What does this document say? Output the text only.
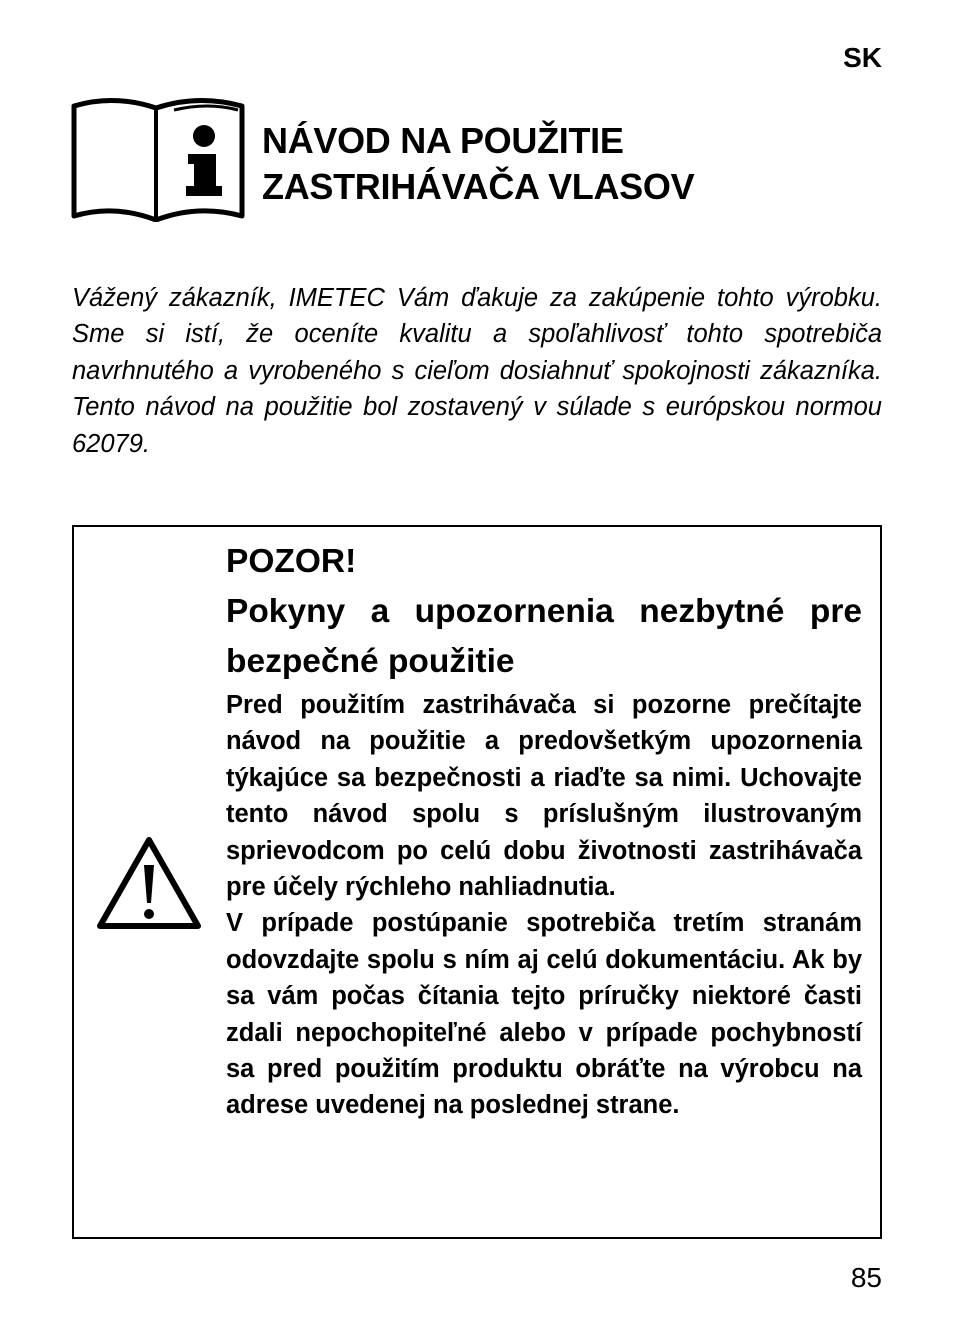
SK
NÁVOD NA POUŽITIE
ZASTRIHÁVAČA VLASOV

Vážený zákazník, IMETEC Vám ďakuje za zakúpenie tohto výrobku. Sme si istí, že oceníte kvalitu a spoľahlivosť tohto spotrebiča navrhnutého a vyrobeného s cieľom dosiahnuť spokojnosti zákazníka. Tento návod na použitie bol zostavený v súlade s európskou normou 62079.

POZOR!

Pokyny a upozornenia nezbytné pre bezpečné použitie

Pred použitím zastrihávača si pozorne prečítajte návod na použitie a predovšetkým upozornenia týkajúce sa bezpečnosti a riaďte sa nimi. Uchovajte tento návod spolu s príslušným ilustrovaným sprievodcom po celú dobu životnosti zastrihávača pre účely rýchleho nahliadnutia.

V prípade postúpanie spotrebiča tretím stranám odovzdajte spolu s ním aj celú dokumentáciu. Ak by sa vám počas čítania tejto príručky niektoré časti zdali nepochopiteľné alebo v prípade pochybností sa pred použitím produktu obráťte na výrobcu na adrese uvedenej na poslednej strane.

85
